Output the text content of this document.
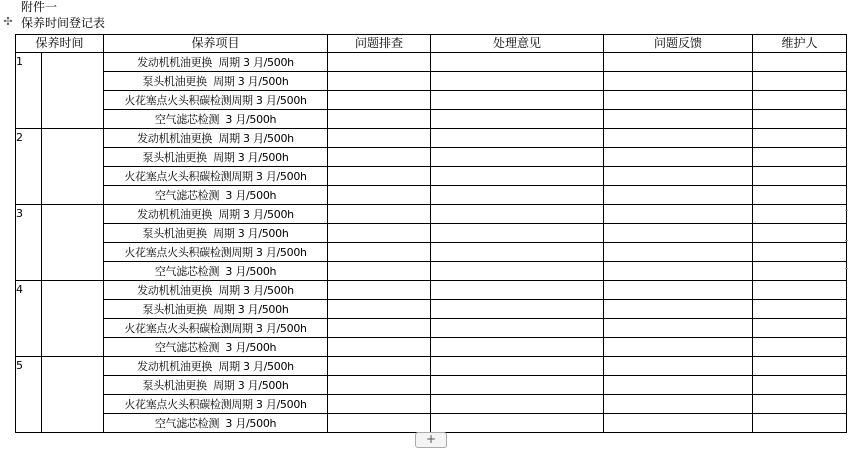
附件一
✣ 保养时间登记表
保养时间		保养项目	问题排查	处理意见	问题反馈	维护人
1		发动机机油更换  周期 3 月/500h				
		泵头机油更换  周期 3 月/500h				
		火花塞点火头积碳检测周期 3 月/500h				
		空气滤芯检测  3 月/500h				
2		发动机机油更换  周期 3 月/500h				
		泵头机油更换  周期 3 月/500h				
		火花塞点火头积碳检测周期 3 月/500h				
		空气滤芯检测  3 月/500h				
3		发动机机油更换  周期 3 月/500h				
		泵头机油更换  周期 3 月/500h				
		火花塞点火头积碳检测周期 3 月/500h				
		空气滤芯检测  3 月/500h				
4		发动机机油更换  周期 3 月/500h				
		泵头机油更换  周期 3 月/500h				
		火花塞点火头积碳检测周期 3 月/500h				
		空气滤芯检测  3 月/500h				
5		发动机机油更换  周期 3 月/500h				
		泵头机油更换  周期 3 月/500h				
		火花塞点火头积碳检测周期 3 月/500h				
		空气滤芯检测  3 月/500h				
+
